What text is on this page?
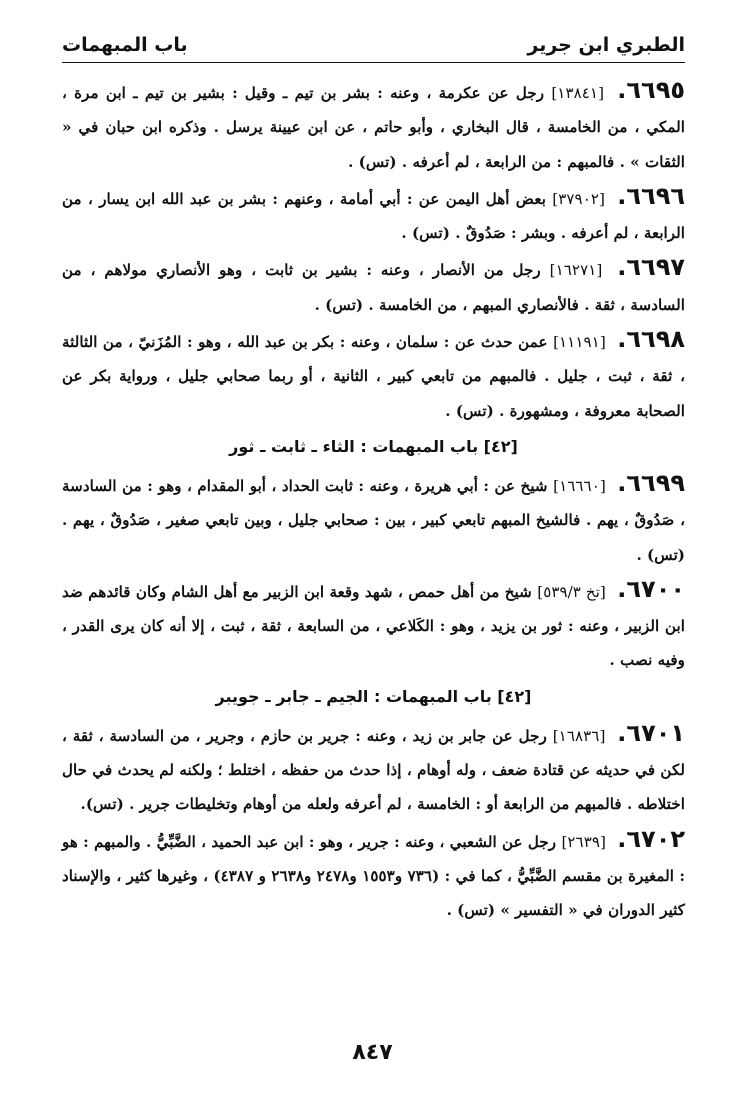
الطبري ابن جرير
باب المبهمات

٦٦٩٥. [١٣٨٤١] رجل عن عكرمة ، وعنه : بشر بن تيم ـ وقيل : بشير بن تيم ـ ابن مرة ، المكي ، من الخامسة ، قال البخاري ، وأبو حاتم ، عن ابن عيينة يرسل . وذكره ابن حبان في « الثقات » . فالمبهم : من الرابعة ، لم أعرفه . (تس) .

٦٦٩٦. [٣٧٩٠٢] بعض أهل اليمن عن : أبي أمامة ، وعنهم : بشر بن عبد الله ابن يسار ، من الرابعة ، لم أعرفه . وبشر : صَدُوقٌ . (تس) .

٦٦٩٧. [١٦٢٧١] رجل من الأنصار ، وعنه : بشير بن ثابت ، وهو الأنصاري مولاهم ، من السادسة ، ثقة . فالأنصاري المبهم ، من الخامسة . (تس) .

٦٦٩٨. [١١١٩١] عمن حدث عن : سلمان ، وعنه : بكر بن عبد الله ، وهو : المُزَنيّ ، من الثالثة ، ثقة ، ثبت ، جليل . فالمبهم من تابعي كبير ، الثانية ، أو ربما صحابي جليل ، ورواية بكر عن الصحابة معروفة ، ومشهورة . (تس) .

[٤٢] باب المبهمات : الثاء ـ ثابت ـ ثور

٦٦٩٩. [١٦٦٦٠] شيخ عن : أبي هريرة ، وعنه : ثابت الحداد ، أبو المقدام ، وهو : من السادسة ، صَدُوقٌ ، يهم . فالشيخ المبهم تابعي كبير ، بين : صحابي جليل ، وبين تابعي صغير ، صَدُوقٌ ، يهم . (تس) .

٦٧٠٠. [تخ ٥٣٩/٣] شيخ من أهل حمص ، شهد وقعة ابن الزبير مع أهل الشام وكان قائدهم ضد ابن الزبير ، وعنه : ثور بن يزيد ، وهو : الكَلاعي ، من السابعة ، ثقة ، ثبت ، إلا أنه كان يرى القدر ، وفيه نصب .

[٤٢] باب المبهمات : الجيم ـ جابر ـ جويبر

٦٧٠١. [١٦٨٣٦] رجل عن جابر بن زيد ، وعنه : جرير بن حازم ، وجرير ، من السادسة ، ثقة ، لكن في حديثه عن قتادة ضعف ، وله أوهام ، إذا حدث من حفظه ، اختلط ؛ ولكنه لم يحدث في حال اختلاطه . فالمبهم من الرابعة أو : الخامسة ، لم أعرفه ولعله من أوهام وتخليطات جرير . (تس).

٦٧٠٢. [٢٦٣٩] رجل عن الشعبي ، وعنه : جرير ، وهو : ابن عبد الحميد ، الضَّبِّيُّ . والمبهم : هو : المغيرة بن مقسم الضَّبِّيُّ ، كما في : (٧٣٦ و١٥٥٣ و٢٤٧٨ و٢٦٣٨ و ٤٣٨٧) ، وغيرها كثير ، والإسناد كثير الدوران في « التفسير » (تس) .

٨٤٧
